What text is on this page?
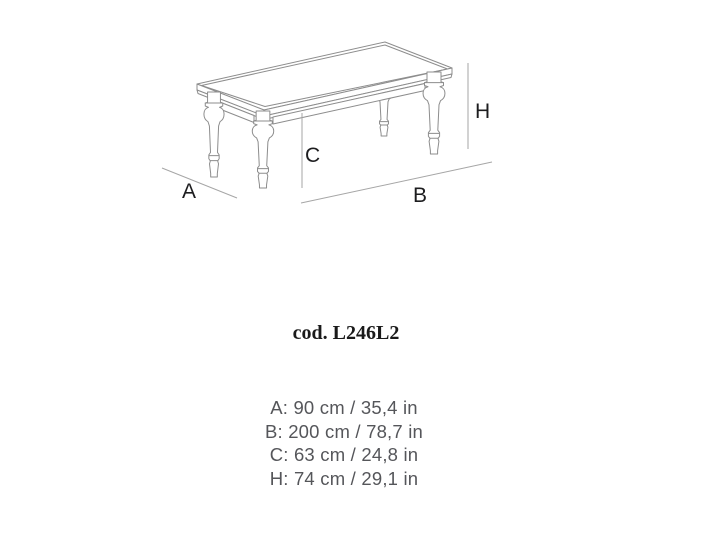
A	B
C
H
cod. L246L2
A: 90 cm / 35,4 in
B: 200 cm / 78,7 in
C: 63 cm / 24,8 in
H: 74 cm / 29,1 in
